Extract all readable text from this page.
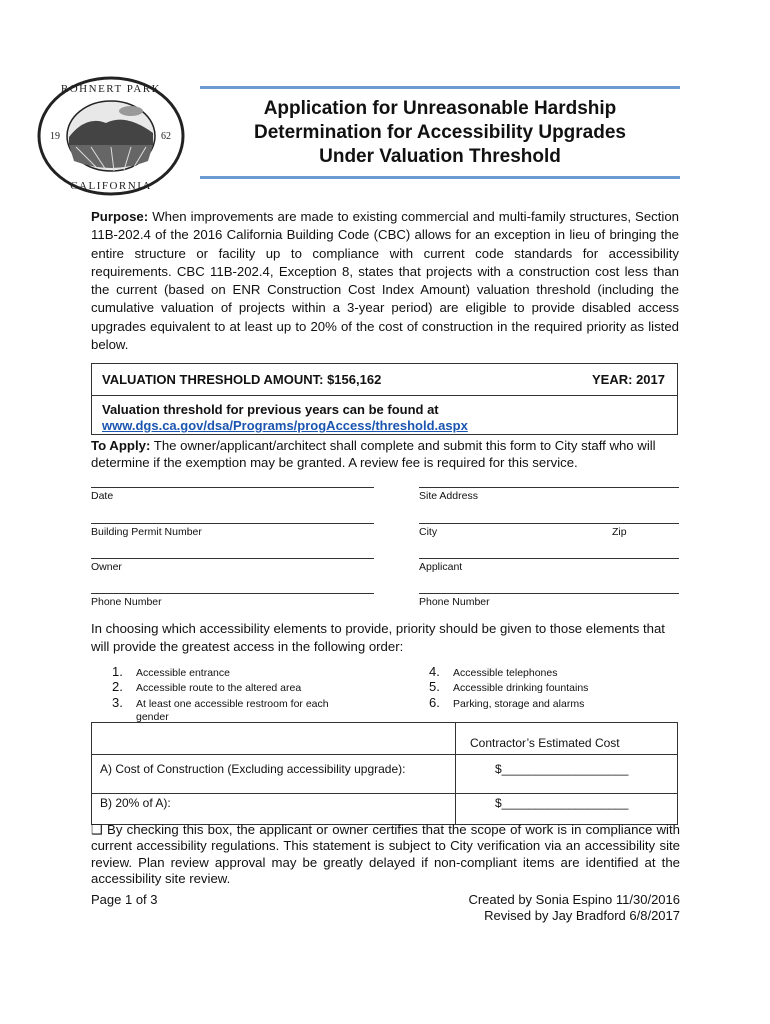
ROHNERT PARK
CALIFORNIA
19	62
Application for Unreasonable Hardship
Determination for Accessibility Upgrades
Under Valuation Threshold
Purpose: When improvements are made to existing commercial and multi-family structures, Section 11B-202.4 of the 2016 California Building Code (CBC) allows for an exception in lieu of bringing the entire structure or facility up to compliance with current code standards for accessibility requirements. CBC 11B-202.4, Exception 8, states that projects with a construction cost less than the current (based on ENR Construction Cost Index Amount) valuation threshold (including the cumulative valuation of projects within a 3-year period) are eligible to provide disabled access upgrades equivalent to at least up to 20% of the cost of construction in the required priority as listed below.
VALUATION THRESHOLD AMOUNT: $156,162	YEAR: 2017
Valuation threshold for previous years can be found at
www.dgs.ca.gov/dsa/Programs/progAccess/threshold.aspx
To Apply: The owner/applicant/architect shall complete and submit this form to City staff who will determine if the exemption may be granted. A review fee is required for this service.
Date	Site Address
Building Permit Number	City	Zip
Owner	Applicant
Phone Number	Phone Number
In choosing which accessibility elements to provide, priority should be given to those elements that will provide the greatest access in the following order:
1. Accessible entrance
2. Accessible route to the altered area
3. At least one accessible restroom for each gender
4. Accessible telephones
5. Accessible drinking fountains
6. Parking, storage and alarms
Contractor’s Estimated Cost
A) Cost of Construction (Excluding accessibility upgrade):	$___________________
B) 20% of A):	$___________________
❑ By checking this box, the applicant or owner certifies that the scope of work is in compliance with current accessibility regulations. This statement is subject to City verification via an accessibility site review. Plan review approval may be greatly delayed if non-compliant items are identified at the accessibility site review.
Page 1 of 3	Created by Sonia Espino 11/30/2016
Revised by Jay Bradford 6/8/2017
